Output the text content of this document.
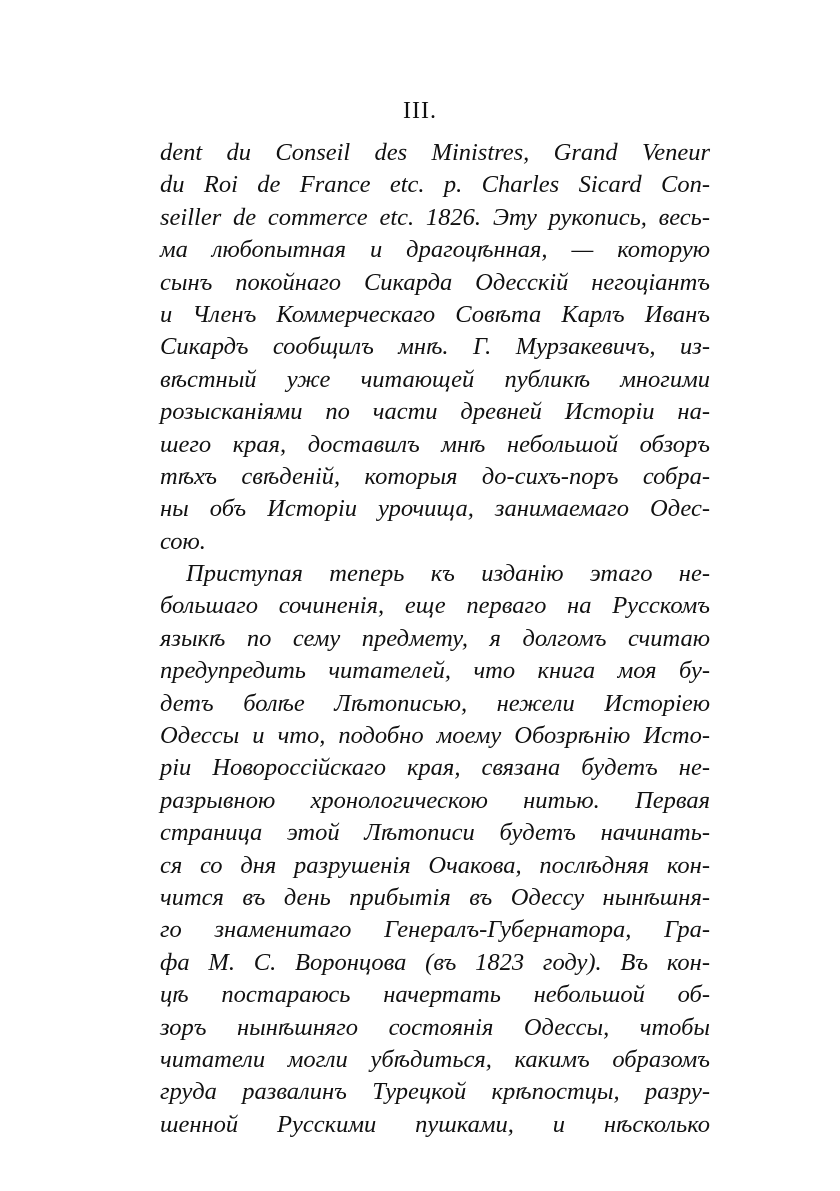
III.
dent du Conseil des Ministres, Grand Veneur
du Roi de France etc. p. Charles Sicard Con-
seiller de commerce etc. 1826. Эту рукопись, весь-
ма любопытная и драгоцѣнная, — которую
сынъ покойнаго Сикарда Одесскій негоціантъ
и Членъ Коммерческаго Совѣта Карлъ Иванъ
Сикардъ сообщилъ мнѣ. Г. Мурзакевичъ, из-
вѣстный уже читающей публикѣ многими
розысканіями по части древней Исторіи на-
шего края, доставилъ мнѣ небольшой обзоръ
тѣхъ свѣденій, которыя до-сихъ-поръ собра-
ны объ Исторіи урочища, занимаемаго Одес-
сою.
Приступая теперь къ изданію этаго не-
большаго сочиненія, еще перваго на Русскомъ
языкѣ по сему предмету, я долгомъ считаю
предупредить читателей, что книга моя бу-
детъ болѣе Лѣтописью, нежели Исторіею
Одессы и что, подобно моему Обозрѣнію Исто-
ріи Новороссійскаго края, связана будетъ не-
разрывною хронологическою нитью. Первая
страница этой Лѣтописи будетъ начинать-
ся со дня разрушенія Очакова, послѣдняя кон-
чится въ день прибытія въ Одессу нынѣшня-
го знаменитаго Генералъ-Губернатора, Гра-
фа М. С. Воронцова (въ 1823 году). Въ кон-
цѣ постараюсь начертать небольшой об-
зоръ нынѣшняго состоянія Одессы, чтобы
читатели могли убѣдиться, какимъ образомъ
груда развалинъ Турецкой крѣпостцы, разру-
шенной Русскими пушками, и нѣсколько
